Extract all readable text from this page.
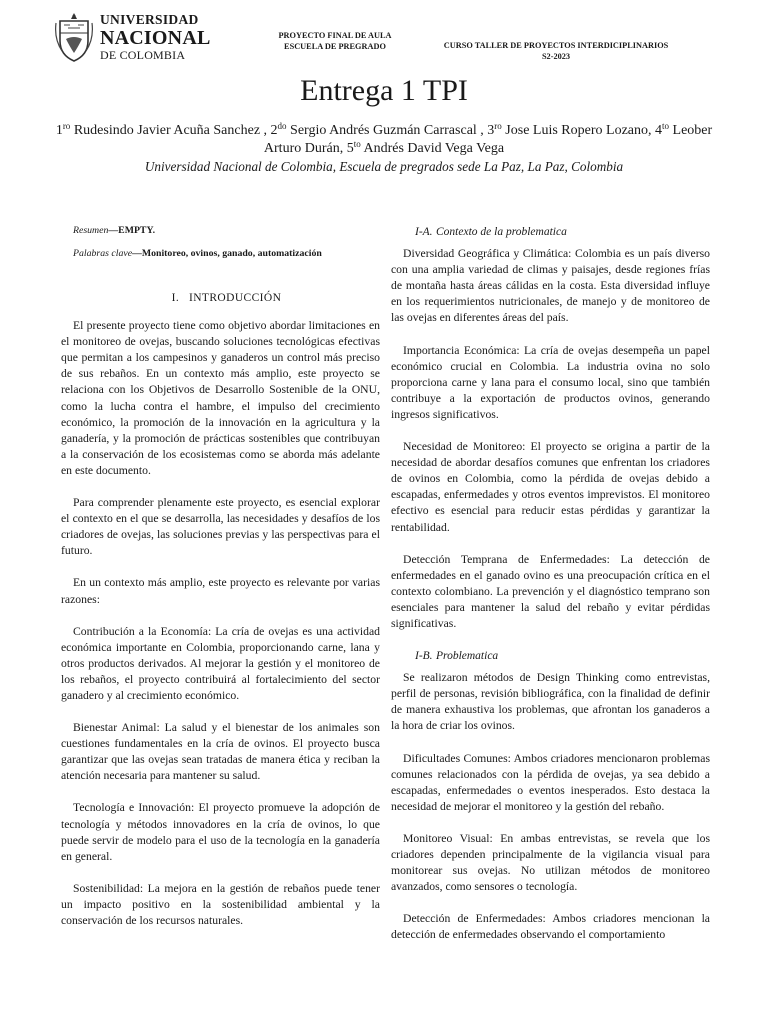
UNIVERSIDAD
NACIONAL
DE COLOMBIA
PROYECTO FINAL DE AULA
ESCUELA DE PREGRADO	CURSO TALLER DE PROYECTOS INTERDICIPLINARIOS
S2-2023
Entrega 1 TPI
$1^{ro}$ Rudesindo Javier Acuña Sanchez , $2^{do}$ Sergio Andrés Guzmán Carrascal , $3^{ro}$ Jose Luis Ropero Lozano, $4^{to}$ Leober Arturo Durán, $5^{to}$ Andrés David Vega Vega
Universidad Nacional de Colombia, Escuela de pregrados sede La Paz, La Paz, Colombia

Resumen—EMPTY.

Palabras clave—Monitoreo, ovinos, ganado, automatización

I. INTRODUCCIÓN

El presente proyecto tiene como objetivo abordar limitaciones en el monitoreo de ovejas, buscando soluciones tecnológicas efectivas que permitan a los campesinos y ganaderos un control más preciso de sus rebaños. En un contexto más amplio, este proyecto se relaciona con los Objetivos de Desarrollo Sostenible de la ONU, como la lucha contra el hambre, el impulso del crecimiento económico, la promoción de la innovación en la agricultura y la ganadería, y la promoción de prácticas sostenibles que contribuyan a la conservación de los ecosistemas como se aborda más adelante en este documento.

Para comprender plenamente este proyecto, es esencial explorar el contexto en el que se desarrolla, las necesidades y desafíos de los criadores de ovejas, las soluciones previas y las perspectivas para el futuro.

En un contexto más amplio, este proyecto es relevante por varias razones:

Contribución a la Economía: La cría de ovejas es una actividad económica importante en Colombia, proporcionando carne, lana y otros productos derivados. Al mejorar la gestión y el monitoreo de los rebaños, el proyecto contribuirá al fortalecimiento del sector ganadero y al crecimiento económico.

Bienestar Animal: La salud y el bienestar de los animales son cuestiones fundamentales en la cría de ovinos. El proyecto busca garantizar que las ovejas sean tratadas de manera ética y reciban la atención necesaria para mantener su salud.

Tecnología e Innovación: El proyecto promueve la adopción de tecnología y métodos innovadores en la cría de ovinos, lo que puede servir de modelo para el uso de la tecnología en la ganadería en general.

Sostenibilidad: La mejora en la gestión de rebaños puede tener un impacto positivo en la sostenibilidad ambiental y la conservación de los recursos naturales.

I-A. Contexto de la problematica

Diversidad Geográfica y Climática: Colombia es un país diverso con una amplia variedad de climas y paisajes, desde regiones frías de montaña hasta áreas cálidas en la costa. Esta diversidad influye en los requerimientos nutricionales, de manejo y de monitoreo de las ovejas en diferentes áreas del país.

Importancia Económica: La cría de ovejas desempeña un papel económico crucial en Colombia. La industria ovina no solo proporciona carne y lana para el consumo local, sino que también contribuye a la exportación de productos ovinos, generando ingresos significativos.

Necesidad de Monitoreo: El proyecto se origina a partir de la necesidad de abordar desafíos comunes que enfrentan los criadores de ovinos en Colombia, como la pérdida de ovejas debido a escapadas, enfermedades y otros eventos imprevistos. El monitoreo efectivo es esencial para reducir estas pérdidas y garantizar la rentabilidad.

Detección Temprana de Enfermedades: La detección de enfermedades en el ganado ovino es una preocupación crítica en el contexto colombiano. La prevención y el diagnóstico temprano son esenciales para mantener la salud del rebaño y evitar pérdidas significativas.

I-B. Problematica

Se realizaron métodos de Design Thinking como entrevistas, perfil de personas, revisión bibliográfica, con la finalidad de definir de manera exhaustiva los problemas, que afrontan los ganaderos a la hora de criar los ovinos.

Dificultades Comunes: Ambos criadores mencionaron problemas comunes relacionados con la pérdida de ovejas, ya sea debido a escapadas, enfermedades o eventos inesperados. Esto destaca la necesidad de mejorar el monitoreo y la gestión del rebaño.

Monitoreo Visual: En ambas entrevistas, se revela que los criadores dependen principalmente de la vigilancia visual para monitorear sus ovejas. No utilizan métodos de monitoreo avanzados, como sensores o tecnología.

Detección de Enfermedades: Ambos criadores mencionan la detección de enfermedades observando el comportamiento
